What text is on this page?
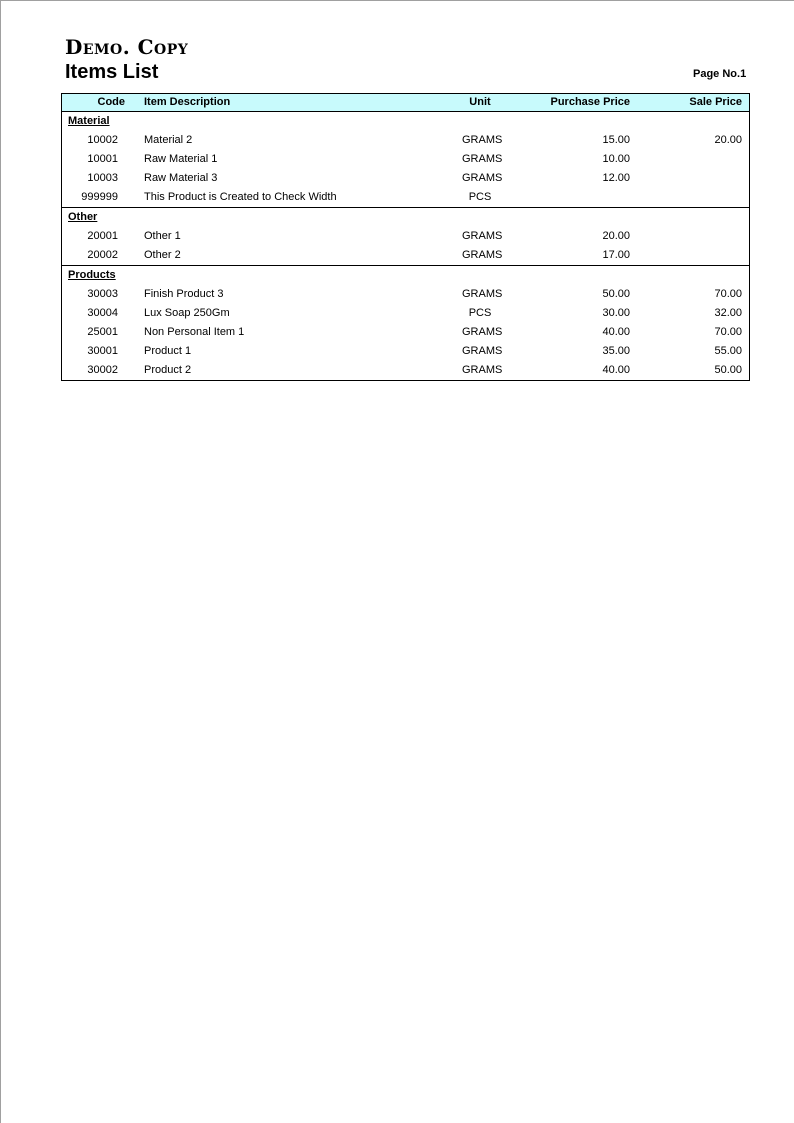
Demo. Copy
Items List	Page No.1
Code Item Description	Unit	Purchase Price	Sale Price
Material
10002 Material 2	GRAMS	15.00	20.00
10001 Raw Material 1	GRAMS	10.00
10003 Raw Material 3	GRAMS	12.00
999999 This Product is Created to Check Width	PCS
Other
20001 Other 1	GRAMS	20.00
20002 Other 2	GRAMS	17.00
Products
30003 Finish Product 3	GRAMS	50.00	70.00
30004 Lux Soap 250Gm	PCS	30.00	32.00
25001 Non Personal Item 1	GRAMS	40.00	70.00
30001 Product 1	GRAMS	35.00	55.00
30002 Product 2	GRAMS	40.00	50.00
